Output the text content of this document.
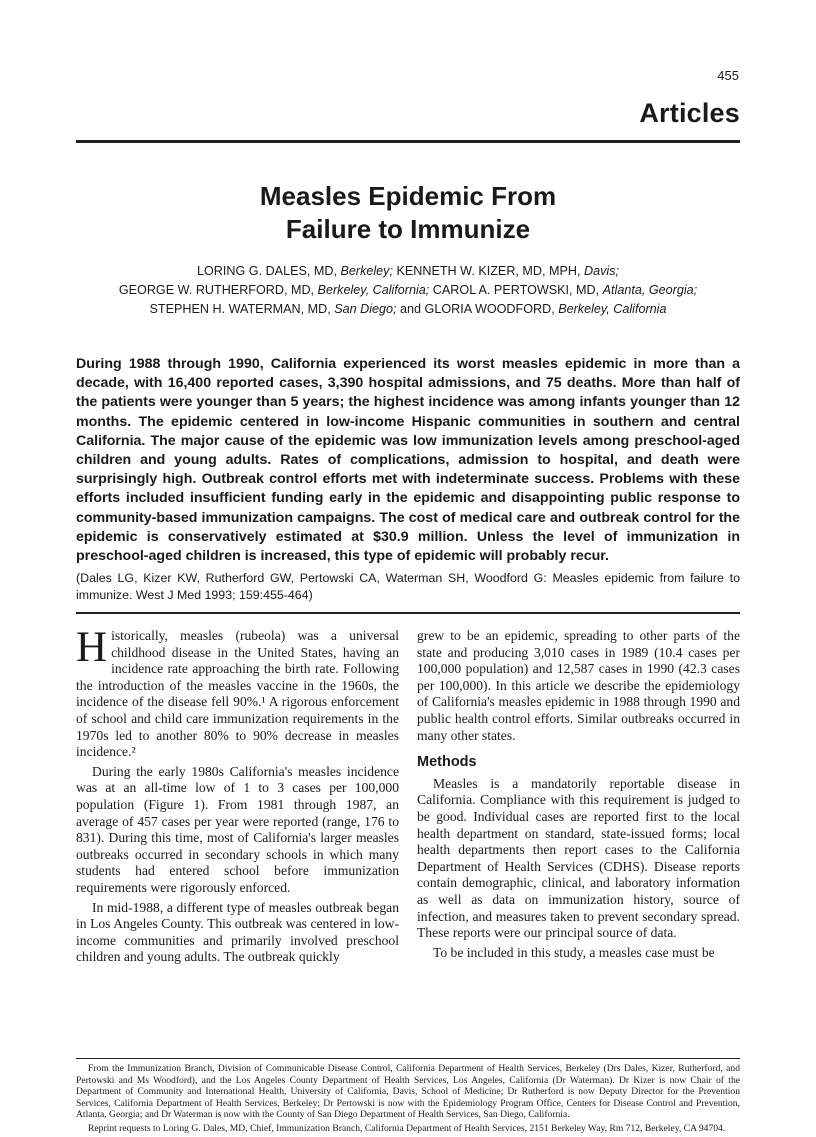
455
Articles
Measles Epidemic From
Failure to Immunize
LORING G. DALES, MD, Berkeley; KENNETH W. KIZER, MD, MPH, Davis;
GEORGE W. RUTHERFORD, MD, Berkeley, California; CAROL A. PERTOWSKI, MD, Atlanta, Georgia;
STEPHEN H. WATERMAN, MD, San Diego; and GLORIA WOODFORD, Berkeley, California

During 1988 through 1990, California experienced its worst measles epidemic in more than a decade, with 16,400 reported cases, 3,390 hospital admissions, and 75 deaths. More than half of the patients were younger than 5 years; the highest incidence was among infants younger than 12 months. The epidemic centered in low-income Hispanic communities in southern and central California. The major cause of the epidemic was low immunization levels among preschool-aged children and young adults. Rates of complications, admission to hospital, and death were surprisingly high. Outbreak control efforts met with indeterminate success. Problems with these efforts included insufficient funding early in the epidemic and disappointing public response to community-based immunization campaigns. The cost of medical care and outbreak control for the epidemic is conservatively estimated at $30.9 million. Unless the level of immunization in preschool-aged children is increased, this type of epidemic will probably recur.

(Dales LG, Kizer KW, Rutherford GW, Pertowski CA, Waterman SH, Woodford G: Measles epidemic from failure to immunize. West J Med 1993; 159:455-464)

Historically, measles (rubeola) was a universal childhood disease in the United States, having an incidence rate approaching the birth rate. Following the introduction of the measles vaccine in the 1960s, the incidence of the disease fell 90%.¹ A rigorous enforcement of school and child care immunization requirements in the 1970s led to another 80% to 90% decrease in measles incidence.²

During the early 1980s California's measles incidence was at an all-time low of 1 to 3 cases per 100,000 population (Figure 1). From 1981 through 1987, an average of 457 cases per year were reported (range, 176 to 831). During this time, most of California's larger measles outbreaks occurred in secondary schools in which many students had entered school before immunization requirements were rigorously enforced.

In mid-1988, a different type of measles outbreak began in Los Angeles County. This outbreak was centered in low-income communities and primarily involved preschool children and young adults. The outbreak quickly

grew to be an epidemic, spreading to other parts of the state and producing 3,010 cases in 1989 (10.4 cases per 100,000 population) and 12,587 cases in 1990 (42.3 cases per 100,000). In this article we describe the epidemiology of California's measles epidemic in 1988 through 1990 and public health control efforts. Similar outbreaks occurred in many other states.

Methods

Measles is a mandatorily reportable disease in California. Compliance with this requirement is judged to be good. Individual cases are reported first to the local health department on standard, state-issued forms; local health departments then report cases to the California Department of Health Services (CDHS). Disease reports contain demographic, clinical, and laboratory information as well as data on immunization history, source of infection, and measures taken to prevent secondary spread. These reports were our principal source of data.

To be included in this study, a measles case must be

From the Immunization Branch, Division of Communicable Disease Control, California Department of Health Services, Berkeley (Drs Dales, Kizer, Rutherford, and Pertowski and Ms Woodford), and the Los Angeles County Department of Health Services, Los Angeles, California (Dr Waterman). Dr Kizer is now Chair of the Department of Community and International Health, University of California, Davis, School of Medicine; Dr Rutherford is now Deputy Director for the Prevention Services, California Department of Health Services, Berkeley; Dr Pertowski is now with the Epidemiology Program Office, Centers for Disease Control and Prevention, Atlanta, Georgia; and Dr Waterman is now with the County of San Diego Department of Health Services, San Diego, California.

Reprint requests to Loring G. Dales, MD, Chief, Immunization Branch, California Department of Health Services, 2151 Berkeley Way, Rm 712, Berkeley, CA 94704.
